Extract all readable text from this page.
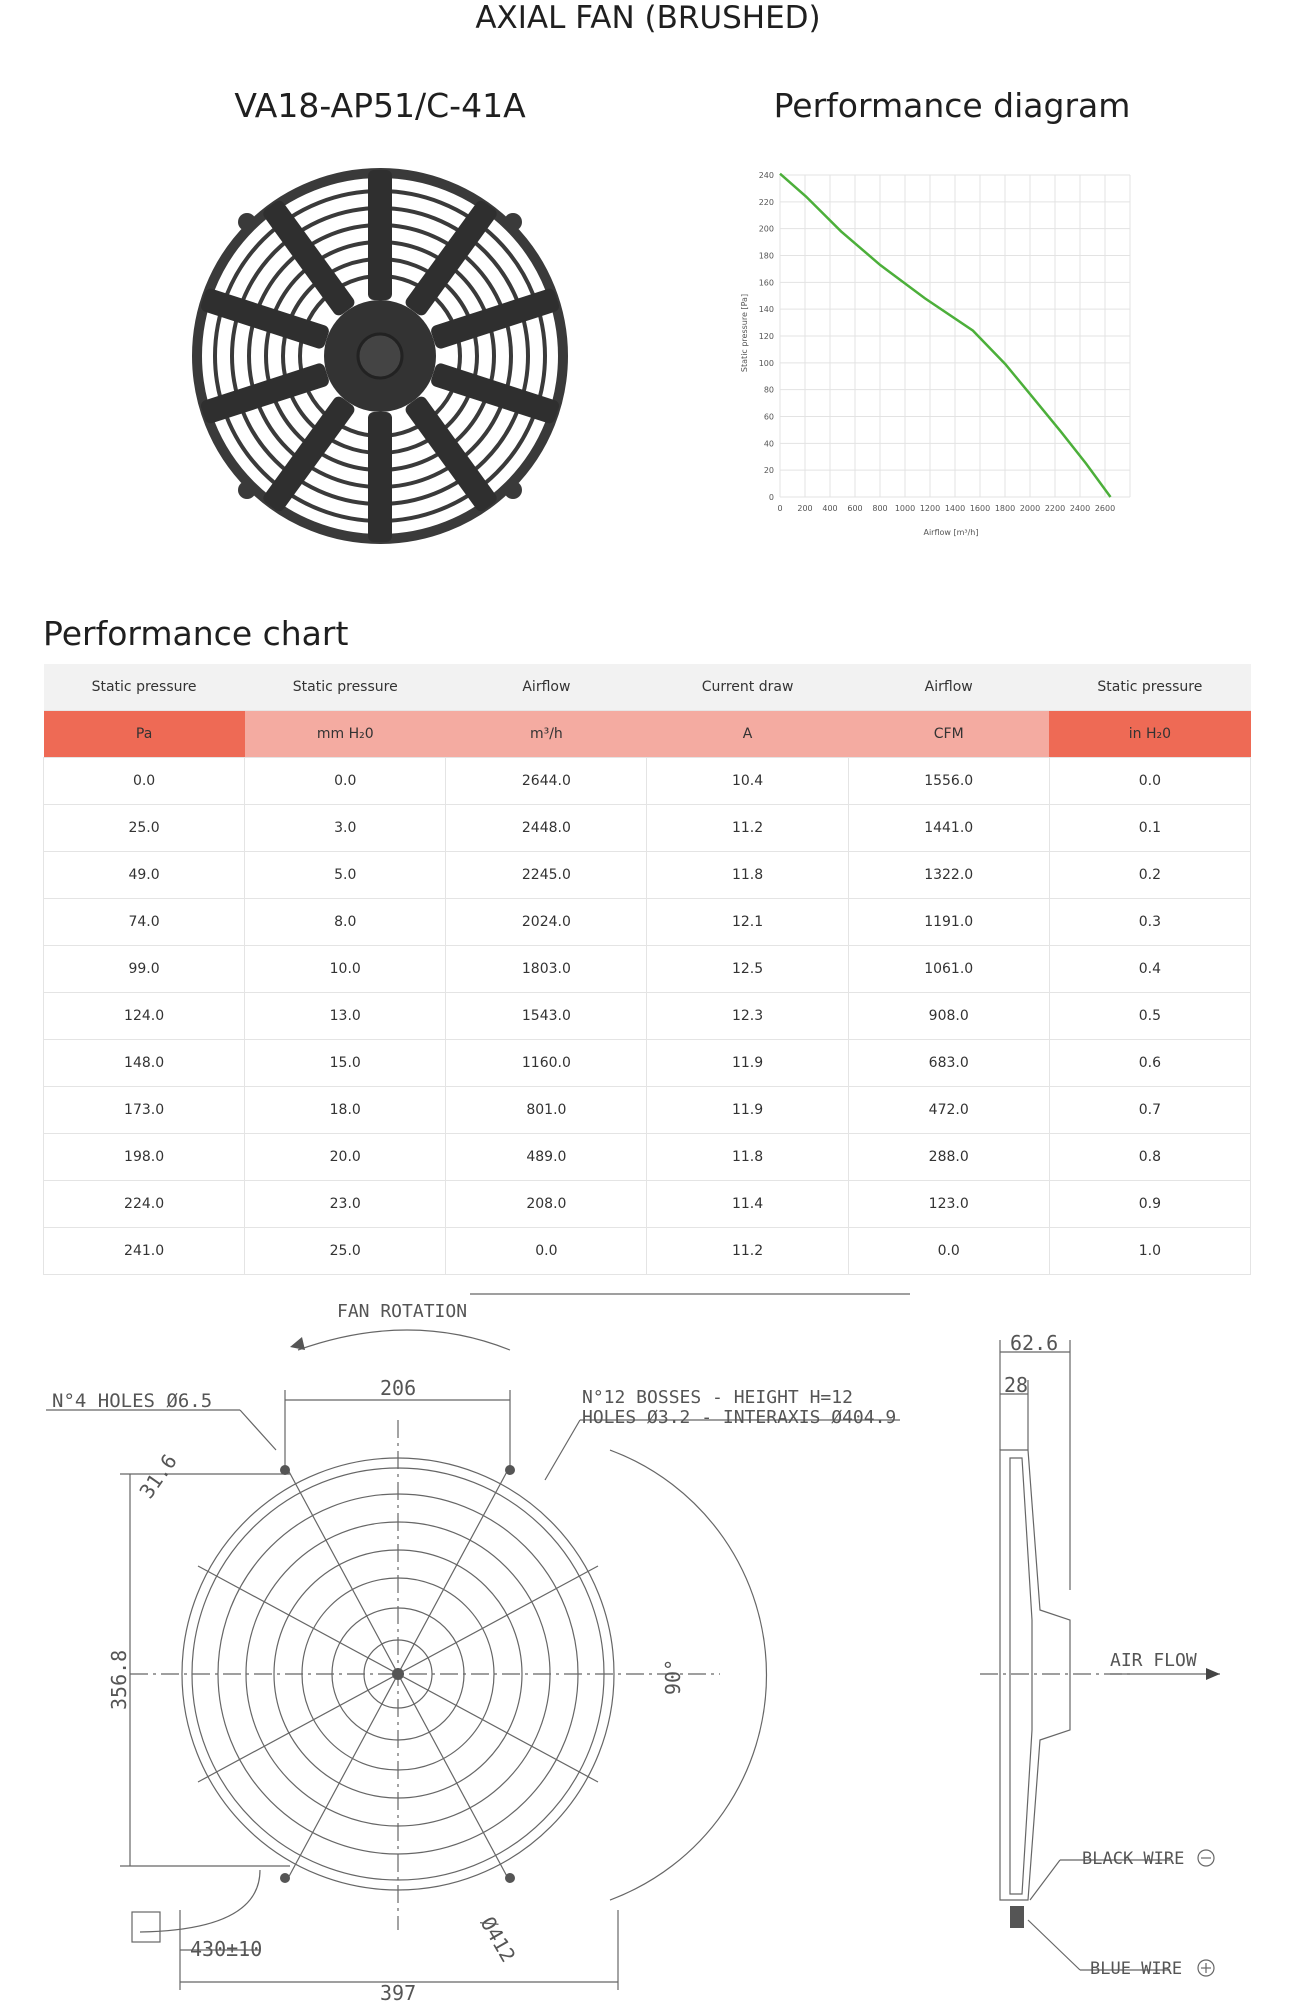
AXIAL FAN (BRUSHED)
VA18-AP51/C-41A	Performance diagram
0
20
40
60
80
100
120
140
160
180
200
220
240
0 200 400 600 800 1000 1200 1400 1600 1800 2000 2200 2400 2600
Airflow [m³/h]
Static pressure [Pa]
Performance chart
Static pressure	Static pressure	Airflow	Current draw	Airflow	Static pressure
Pa	mm H₂0	m³/h	A	CFM	in H₂0
0.0	0.0	2644.0	10.4	1556.0	0.0
25.0	3.0	2448.0	11.2	1441.0	0.1
49.0	5.0	2245.0	11.8	1322.0	0.2
74.0	8.0	2024.0	12.1	1191.0	0.3
99.0	10.0	1803.0	12.5	1061.0	0.4
124.0	13.0	1543.0	12.3	908.0	0.5
148.0	15.0	1160.0	11.9	683.0	0.6
173.0	18.0	801.0	11.9	472.0	0.7
198.0	20.0	489.0	11.8	288.0	0.8
224.0	23.0	208.0	11.4	123.0	0.9
241.0	25.0	0.0	11.2	0.0	1.0
FAN ROTATION
N°4 HOLES Ø6.5	N°12 BOSSES - HEIGHT H=12
HOLES Ø3.2 - INTERAXIS Ø404.9
206
31.6
356.8	90°
Ø412
430±10
397
62.6
28
AIR FLOW
BLACK WIRE
BLUE WIRE
